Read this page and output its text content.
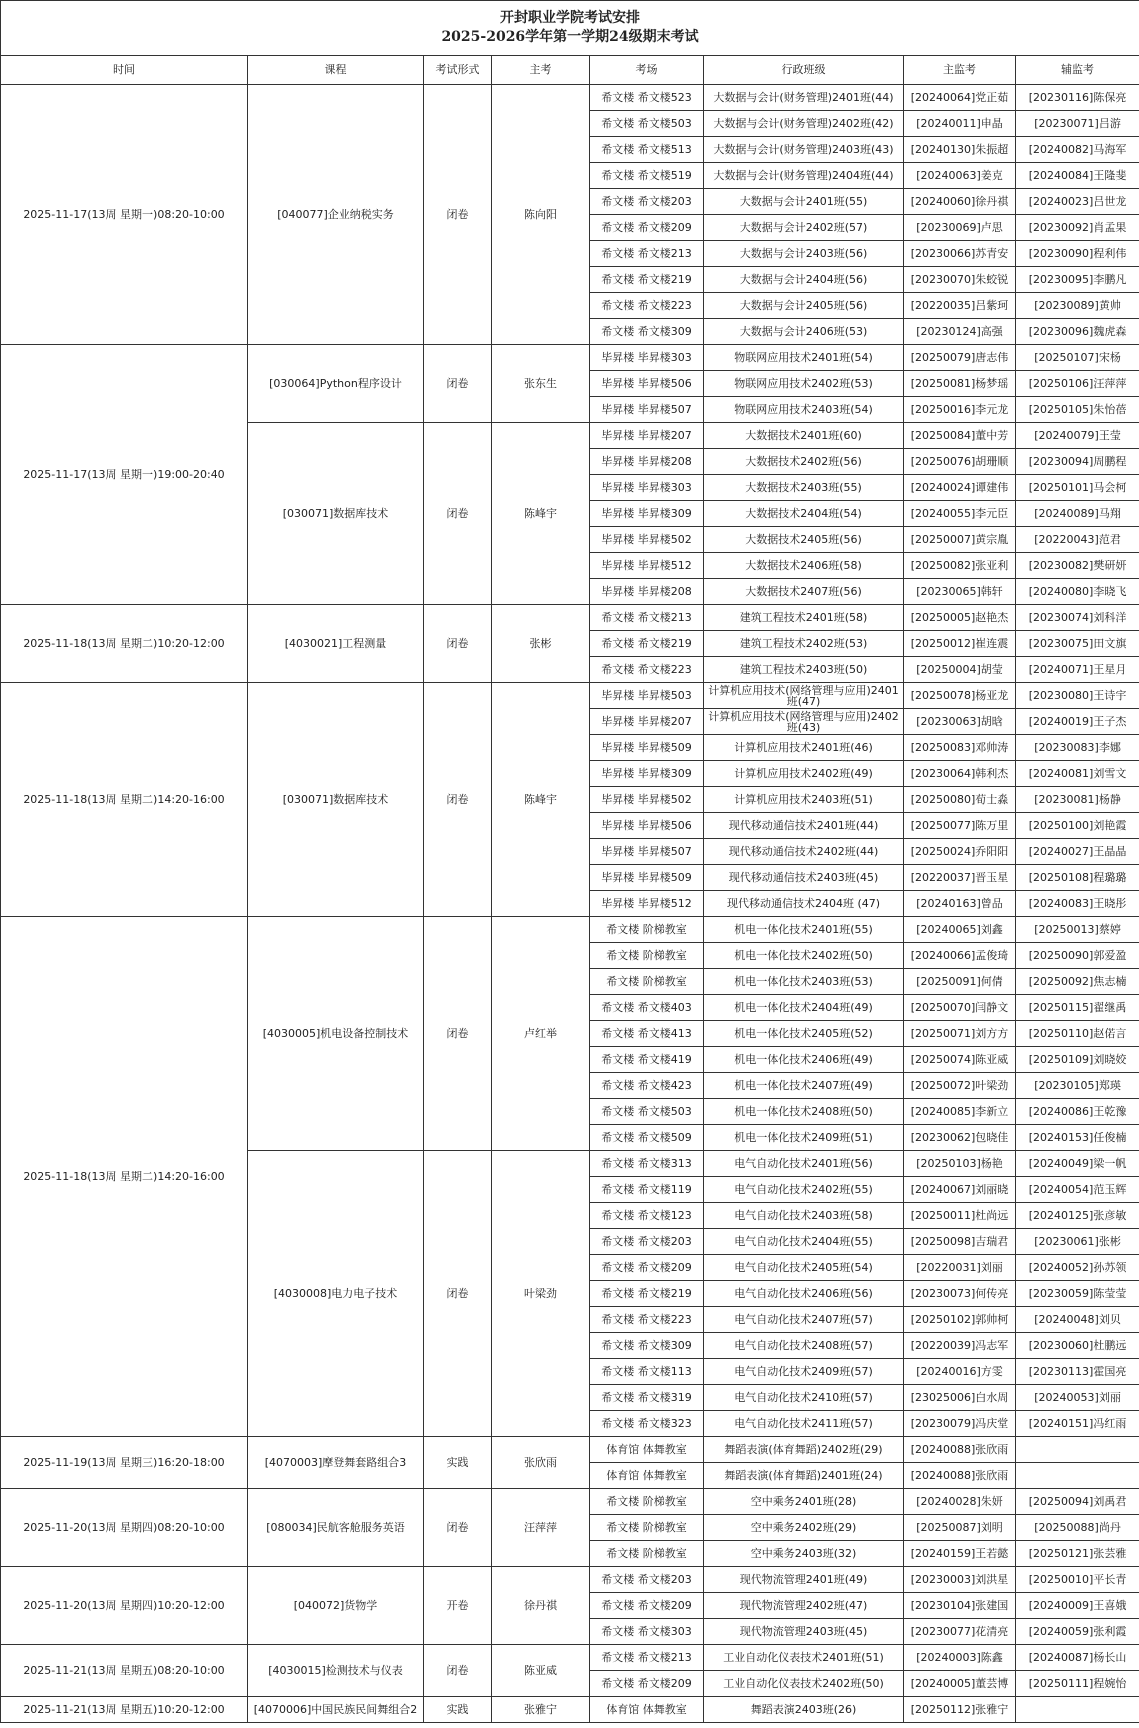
开封职业学院考试安排
2025-2026学年第一学期24级期末考试							

时间	课程	考试形式	主考	考场	行政班级	主监考	辅监考
2025-11-17(13周 星期一)08:20-10:00	[040077]企业纳税实务	闭卷	陈向阳	希文楼 希文楼523	大数据与会计(财务管理)2401班(44)	[20240064]党正茹	[20230116]陈保亮
				希文楼 希文楼503	大数据与会计(财务管理)2402班(42)	[20240011]申晶	[20230071]吕游
				希文楼 希文楼513	大数据与会计(财务管理)2403班(43)	[20240130]朱振超	[20240082]马海军
				希文楼 希文楼519	大数据与会计(财务管理)2404班(44)	[20240063]姜克	[20240084]王隆斐
				希文楼 希文楼203	大数据与会计2401班(55)	[20240060]徐丹祺	[20240023]吕世龙
				希文楼 希文楼209	大数据与会计2402班(57)	[20230069]卢思	[20230092]肖孟果
				希文楼 希文楼213	大数据与会计2403班(56)	[20230066]苏青安	[20230090]程利伟
				希文楼 希文楼219	大数据与会计2404班(56)	[20230070]朱蛟锐	[20230095]李鹏凡
				希文楼 希文楼223	大数据与会计2405班(56)	[20220035]吕紫珂	[20230089]黄帅
				希文楼 希文楼309	大数据与会计2406班(53)	[20230124]高强	[20230096]魏虎森
2025-11-17(13周 星期一)19:00-20:40	[030064]Python程序设计	闭卷	张东生	毕昇楼 毕昇楼303	物联网应用技术2401班(54)	[20250079]唐志伟	[20250107]宋杨
				毕昇楼 毕昇楼506	物联网应用技术2402班(53)	[20250081]杨梦瑶	[20250106]汪萍萍
				毕昇楼 毕昇楼507	物联网应用技术2403班(54)	[20250016]李元龙	[20250105]朱怡蓓
	[030071]数据库技术	闭卷	陈峰宇	毕昇楼 毕昇楼207	大数据技术2401班(60)	[20250084]董中芳	[20240079]王莹
				毕昇楼 毕昇楼208	大数据技术2402班(56)	[20250076]胡珊顺	[20230094]周鹏程
				毕昇楼 毕昇楼303	大数据技术2403班(55)	[20240024]谭建伟	[20250101]马会柯
				毕昇楼 毕昇楼309	大数据技术2404班(54)	[20240055]李元臣	[20240089]马翔
				毕昇楼 毕昇楼502	大数据技术2405班(56)	[20250007]黄宗胤	[20220043]范君
				毕昇楼 毕昇楼512	大数据技术2406班(58)	[20250082]张亚利	[20230082]樊研妍
				毕昇楼 毕昇楼208	大数据技术2407班(56)	[20230065]韩轩	[20240080]李晓飞
2025-11-18(13周 星期二)10:20-12:00	[4030021]工程测量	闭卷	张彬	希文楼 希文楼213	建筑工程技术2401班(58)	[20250005]赵艳杰	[20230074]刘科洋
				希文楼 希文楼219	建筑工程技术2402班(53)	[20250012]崔连震	[20230075]田文旗
				希文楼 希文楼223	建筑工程技术2403班(50)	[20250004]胡莹	[20240071]王星月
2025-11-18(13周 星期二)14:20-16:00	[030071]数据库技术	闭卷	陈峰宇	毕昇楼 毕昇楼503	计算机应用技术(网络管理与应用)2401班(47)	[20250078]杨亚龙	[20230080]王诗宇
				毕昇楼 毕昇楼207	计算机应用技术(网络管理与应用)2402班(43)	[20230063]胡晗	[20240019]王子杰
				毕昇楼 毕昇楼509	计算机应用技术2401班(46)	[20250083]邓帅涛	[20230083]李娜
				毕昇楼 毕昇楼309	计算机应用技术2402班(49)	[20230064]韩利杰	[20240081]刘雪文
				毕昇楼 毕昇楼502	计算机应用技术2403班(51)	[20250080]荀士淼	[20230081]杨静
				毕昇楼 毕昇楼506	现代移动通信技术2401班(44)	[20250077]陈万里	[20250100]刘艳霞
				毕昇楼 毕昇楼507	现代移动通信技术2402班(44)	[20250024]乔阳阳	[20240027]王晶晶
				毕昇楼 毕昇楼509	现代移动通信技术2403班(45)	[20220037]晋玉星	[20250108]程璐璐
				毕昇楼 毕昇楼512	现代移动通信技术2404班 (47)	[20240163]曾品	[20240083]王晓彤
2025-11-18(13周 星期二)14:20-16:00	[4030005]机电设备控制技术	闭卷	卢红举	希文楼 阶梯教室	机电一体化技术2401班(55)	[20240065]刘鑫	[20250013]蔡婷
				希文楼 阶梯教室	机电一体化技术2402班(50)	[20240066]孟俊琦	[20250090]郭爱盈
				希文楼 阶梯教室	机电一体化技术2403班(53)	[20250091]何倩	[20250092]焦志楠
				希文楼 希文楼403	机电一体化技术2404班(49)	[20250070]闫静文	[20250115]翟继禹
				希文楼 希文楼413	机电一体化技术2405班(52)	[20250071]刘方方	[20250110]赵偌言
				希文楼 希文楼419	机电一体化技术2406班(49)	[20250074]陈亚威	[20250109]刘晓姣
				希文楼 希文楼423	机电一体化技术2407班(49)	[20250072]叶梁劲	[20230105]郑瑛
				希文楼 希文楼503	机电一体化技术2408班(50)	[20240085]李新立	[20240086]王乾豫
				希文楼 希文楼509	机电一体化技术2409班(51)	[20230062]包晓佳	[20240153]任俊楠
	[4030008]电力电子技术	闭卷	叶梁劲	希文楼 希文楼313	电气自动化技术2401班(56)	[20250103]杨艳	[20240049]梁一帆
				希文楼 希文楼119	电气自动化技术2402班(55)	[20240067]刘丽晓	[20240054]范玉辉
				希文楼 希文楼123	电气自动化技术2403班(58)	[20250011]杜尚远	[20240125]张彦敏
				希文楼 希文楼203	电气自动化技术2404班(55)	[20250098]吉瑞君	[20230061]张彬
				希文楼 希文楼209	电气自动化技术2405班(54)	[20220031]刘丽	[20240052]孙苏领
				希文楼 希文楼219	电气自动化技术2406班(56)	[20230073]何传亮	[20230059]陈莹莹
				希文楼 希文楼223	电气自动化技术2407班(57)	[20250102]郭帅柯	[20240048]刘贝
				希文楼 希文楼309	电气自动化技术2408班(57)	[20220039]冯志军	[20230060]杜鹏远
				希文楼 希文楼113	电气自动化技术2409班(57)	[20240016]方雯	[20230113]霍国亮
				希文楼 希文楼319	电气自动化技术2410班(57)	[23025006]白水周	[20240053]刘丽
				希文楼 希文楼323	电气自动化技术2411班(57)	[20230079]冯庆堂	[20240151]冯红雨
2025-11-19(13周 星期三)16:20-18:00	[4070003]摩登舞套路组合3	实践	张欣雨	体育馆 体舞教室	舞蹈表演(体育舞蹈)2402班(29)	[20240088]张欣雨	
				体育馆 体舞教室	舞蹈表演(体育舞蹈)2401班(24)	[20240088]张欣雨	
2025-11-20(13周 星期四)08:20-10:00	[080034]民航客舱服务英语	闭卷	汪萍萍	希文楼 阶梯教室	空中乘务2401班(28)	[20240028]朱妍	[20250094]刘禹君
				希文楼 阶梯教室	空中乘务2402班(29)	[20250087]刘明	[20250088]尚丹
				希文楼 阶梯教室	空中乘务2403班(32)	[20240159]王若懿	[20250121]张芸雅
2025-11-20(13周 星期四)10:20-12:00	[040072]货物学	开卷	徐丹祺	希文楼 希文楼203	现代物流管理2401班(49)	[20230003]刘洪星	[20250010]平长青
				希文楼 希文楼209	现代物流管理2402班(47)	[20230104]张建国	[20240009]王喜娥
				希文楼 希文楼303	现代物流管理2403班(45)	[20230077]花清亮	[20240059]张利霞
2025-11-21(13周 星期五)08:20-10:00	[4030015]检测技术与仪表	闭卷	陈亚威	希文楼 希文楼213	工业自动化仪表技术2401班(51)	[20240003]陈鑫	[20240087]杨长山
				希文楼 希文楼209	工业自动化仪表技术2402班(50)	[20240005]董芸博	[20250111]程婉怡
2025-11-21(13周 星期五)10:20-12:00	[4070006]中国民族民间舞组合2	实践	张雅宁	体育馆 体舞教室	舞蹈表演2403班(26)	[20250112]张雅宁	
